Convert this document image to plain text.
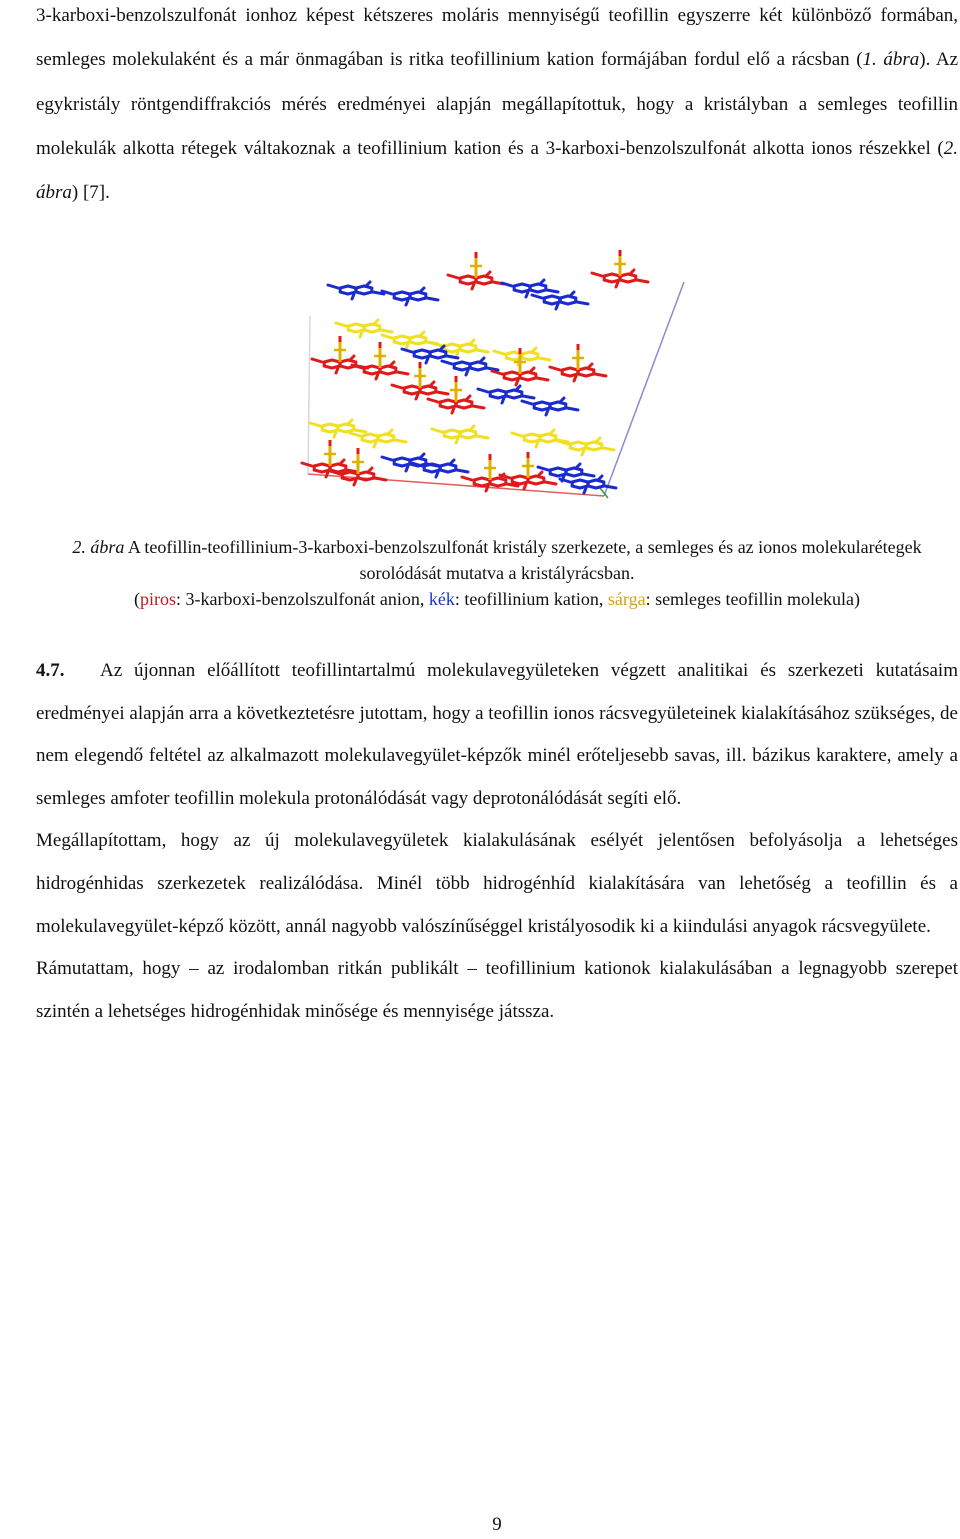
3-karboxi-benzolszulfonát ionhoz képest kétszeres moláris mennyiségű teofillin egyszerre két különböző formában, semleges molekulaként és a már önmagában is ritka teofillinium kation formájában fordul elő a rácsban (1. ábra). Az egykristály röntgendiffrakciós mérés eredményei alapján megállapítottuk, hogy a kristályban a semleges teofillin molekulák alkotta rétegek váltakoznak a teofillinium kation és a 3-karboxi-benzolszulfonát alkotta ionos részekkel (2. ábra) [7].

2. ábra A teofillin-teofillinium-3-karboxi-benzolszulfonát kristály szerkezete, a semleges és az ionos molekularétegek sorolódását mutatva a kristályrácsban.
(piros: 3-karboxi-benzolszulfonát anion, kék: teofillinium kation, sárga: semleges teofillin molekula)

4.7. Az újonnan előállított teofillintartalmú molekulavegyületeken végzett analitikai és szerkezeti kutatásaim eredményei alapján arra a következtetésre jutottam, hogy a teofillin ionos rácsvegyületeinek kialakításához szükséges, de nem elegendő feltétel az alkalmazott molekulavegyület-képzők minél erőteljesebb savas, ill. bázikus karaktere, amely a semleges amfoter teofillin molekula protonálódását vagy deprotonálódását segíti elő.

Megállapítottam, hogy az új molekulavegyületek kialakulásának esélyét jelentősen befolyásolja a lehetséges hidrogénhidas szerkezetek realizálódása. Minél több hidrogénhíd kialakítására van lehetőség a teofillin és a molekulavegyület-képző között, annál nagyobb valószínűséggel kristályosodik ki a kiindulási anyagok rácsvegyülete.

Rámutattam, hogy – az irodalomban ritkán publikált – teofillinium kationok kialakulásában a legnagyobb szerepet szintén a lehetséges hidrogénhidak minősége és mennyisége játssza.

9
